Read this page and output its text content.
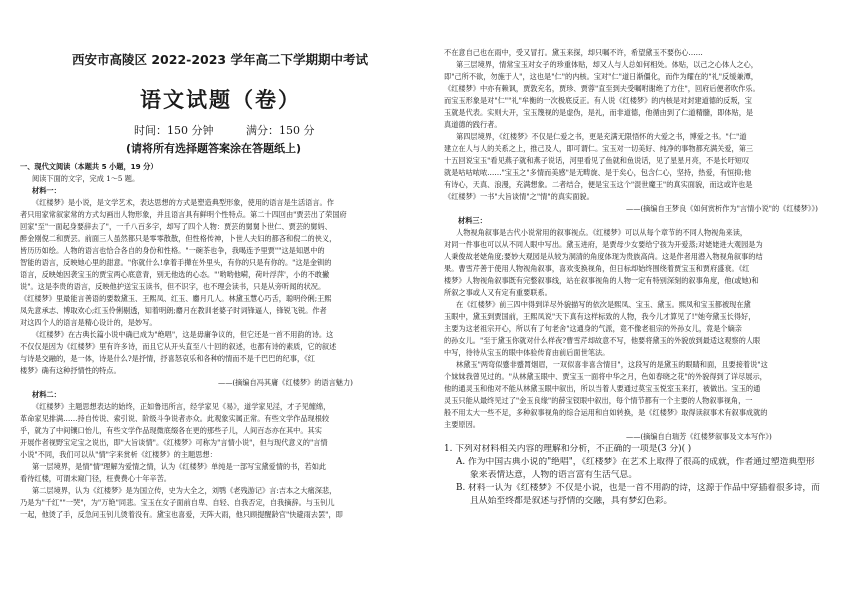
西安市高陵区 2022-2023 学年高二下学期期中考试
语文试题（卷）
时间：150 分钟	满分：150 分
(请将所有选择题答案涂在答题纸上)
一、现代文阅读（本题共 5 小题，19 分）
阅读下面的文字，完成 1～5 题。
材料一：
《红楼梦》是小说，是文学艺术，表达思想的方式是塑造典型形象，使用的语言是生活语言。作
者只用家常叙家常的方式勾画出人物形象，并且语言具有鲜明个性特点。第二十四回由"贾芸出了荣国府
回家"至"一面起身要辞去了"，一千八百多字，却写了四个人物：贾芸的舅舅卜世仁、贾芸的舅妈、
醉金刚倪二和贾芸。前面三人虽然都只是零零散散，但性格传神，卜世人夫妇的都吝和倪二的侠义，
皆历历如绘。人物的语言也恰合各自的身份和性格。"一碗茶也争，我喝连予里贾""这是知恩中的
智能的语言，反映她心里的甜意。"你就什么!拿着手撵在外里头，有你的只是有你的。"这是金钏的
语言，反映她因袭宝玉的贾宝两心底意青，别无他选的心态。"'哟哟他嗬，荷叶浮萍'，小的不敢撇
说"。这是李贵的语言，反映他护送宝玉读书，但不识字，也不理会读书，只是从旁听闻的状况。
《红楼梦》里最能言善语的要数黛玉、王熙凤、红玉、麝月几人。林黛玉慧心巧舌，聪明伶俐;王熙
凤先意承志、博取欢心;红玉伶俐剔透，知着明朗;麝月在教训老婆子时词锋逼人，锋锐飞锐。作者
对这四个人的语言是精心设计的，是妙写。
《红楼梦》在古典长篇小说中确已成为"绝唱"，这是毋庸争议的，但它还是一首不用韵的诗。这
不仅仅是因为《红楼梦》里有许多诗，而且它从开头直至八十回的叙述，也都有诗的素质，它的叙述
与诗是交融的，是一体，诗是什么?是抒情，抒喜怒哀乐和各种的情而不是千巴巴的纪事，《红
楼梦》确有这种抒情性的特点。
——(摘编自冯其庸《红楼梦》的语言魅力)
材料二：
《红楼梦》主题思想表达的始终，正如鲁迅所言，经学家见《易》，道学家见淫，才子见缠绵，
革命家见排满……持自传说、索引说、阶级斗争说者亦众。此观象实属正常。有些文学作品现根较
乎，就为了中间镶口怡儿，有些文学作品现微底缀各在更的那些子儿，人间百态亦在其中。其实
开展作者视野宝定宝之说出，即"大旨谈情"。《红楼梦》可称为"言情小说"，但与现代意义的"言情
小说"不同，我们可以从"情"字来赏析《红楼梦》的主题思想：
第一层境界，是情"情"理解为爱情之情，认为《红楼梦》单纯是一部写宝黛爱情的书，若如此
看待红楼，可谓未窥门径，枉费费心十年辛苦。
第二层境界，认为《红楼梦》是为国立传，史为大全之，刘鹗《老残游记》言:吉本之大痛深悲，
乃是为"千红""一哭"，为"万艳"同悲。宝玉在女子面前自卑、自轻、自我否定，自我摘辞。与玉钊儿
一起，他烫了手，反急问玉钊儿烫着没有。黛宝也喜爱，天阵大雨，他只顾提醒龄官"快避雨去罢"，即
不在意自己也在雨中，受又冒打。黛玉来探，却只嘱不许，希望黛玉不要伤心……
第三层境界，情常宝玉对女子的珍重体贴，却又人与人总如何相处。体贴，以己之心体人之心，
即"己所不欲，勿施于人"，这也是"仁"的内核。宝对"仁"道日渐僵化，而作为耀在的"礼"反缓兼潭，
《红楼梦》中亦有赖讽，贾敦充名，贾珍、贾蓉"直至到夫受嘱咐谢绝了方住"，回府后便者吹作乐。
而宝玉形象是对"仁""礼"牟衡的一次极底反正。有人说《红楼梦》的内核是对封建道德的反叛，宝
玉就是代表。实则大开，宝玉篾视的是虚伪，是礼，而非道德，他循由到了仁道精髓，即体贴，是
真道德的践行者。
第四层境界，《红楼梦》不仅是仁爱之书，更是充满无限悟怀的大爱之书，博爱之书。"仁"道
建立在人与人的关系之上，推己及人，即可谓仁。宝玉对一切美好、纯净的事物都充满关爱，第三
十五回说宝玉"看见燕子就和燕子说话，河里看见了鱼就和鱼说话，见了星星月亮，不是长吁短叹
就是咕咕哝哝……"宝玉之"多情而美感"是无畴旋、是于矣心，包含仁心，坚持，热爱，有恒抑;他
有诗心，天真、浪漫，充满想象。二者结合，便是宝玉这个"混世魔王"的真实面貌，而这或许也是
《红楼梦》一书"大旨谈情"之"情"的真实面貌。
——(摘编自王梦良《如何赏析作为"言情小说"的《红楼梦》》)
材料三：
人物视角叙事是古代小说常用的叙事视点。《红楼梦》可以从每个章节的不同人物视角来读，
对同一件事也可以从不同人眼中写出。黛玉进府，是贾母少女要给宁孩为开爱蒸;对姥姥进大观园是为
人秉俊故老姥角度;要妙大观园是从较为洞清的角度体现为贵族高尚。这是作者用潜入物视角叙事的结
果。曹雪芹善于使用人物视角叙事，喜欢变换视角，但日标却始终围绕着贾宝玉和贾府盛衰。《红
楼梦》人物视角叙事既有完整叙事线，站在叙事视角的人物一定有特别深刻的叙事角度，他(或她)和
所叙之事或人又有定有重要联系。
在《红楼梦》前三四中得到详尽外貌描写的依次是熙凤、宝玉、黛玉。熙凤和宝玉都被现在黛
玉眼中，黛玉到贾国前，王熙凤说"天下真有这样标致的人物，我今儿才算见了!"她夸黛玉长得好，
主要为这老祖宗开心，所以有了句老舍"这通身的气派，竟不像老祖宗的外孙女儿，竟是个嫡亲
的孙女儿。"至于黛玉你就对什么样夜?曹雪芹却故意不写，他要将黛玉的外貌放到最适这观察的人眼
中写，待待从宝玉的眼中体验传育由前后面世笔法。
林黛玉"两弯似蹙非蹙罥烟眉，一双似喜非喜含情目"，这段写的是黛玉的眼睛和面，且要接着说"这
个妹妹我曾见过的。"从林黛玉眼中、贾宝玉一面将中华之月，色如春晓之花"的外貌得到了详尽展示，
他的通灵玉和他对不能从林黛玉眼中叙出，所以当着人要通过莫宝玉悦室玉来打，被做出。宝玉的通
灵玉只能从最终见过了"金玉良缘"的薛宝钗眼中叙出，每个情节都有一个主要的人物叙事视角，一
般不用太大一些不足，多种叙事视角的综合运用和自如转换，是《红楼梦》取得读叙事术有叙事成就的
主要原因。
——(摘编自白瑞芳《红楼梦叙事及文本写作》)
1. 下列对材料相关内容的理解和分析，不正确的一项是(3 分)( )
A. 作为中国古典小说的"绝唱"，《红楼梦》在艺术上取得了很高的成就，作者通过塑造典型形
象来表情达意，人物的语言富有生活气息。
B. 材料一认为《红楼梦》不仅是小说，也是一首不用韵的诗，这源于作品中穿插着很多诗，而
且从始至终都是叙述与抒情的交融，具有梦幻色彩。
